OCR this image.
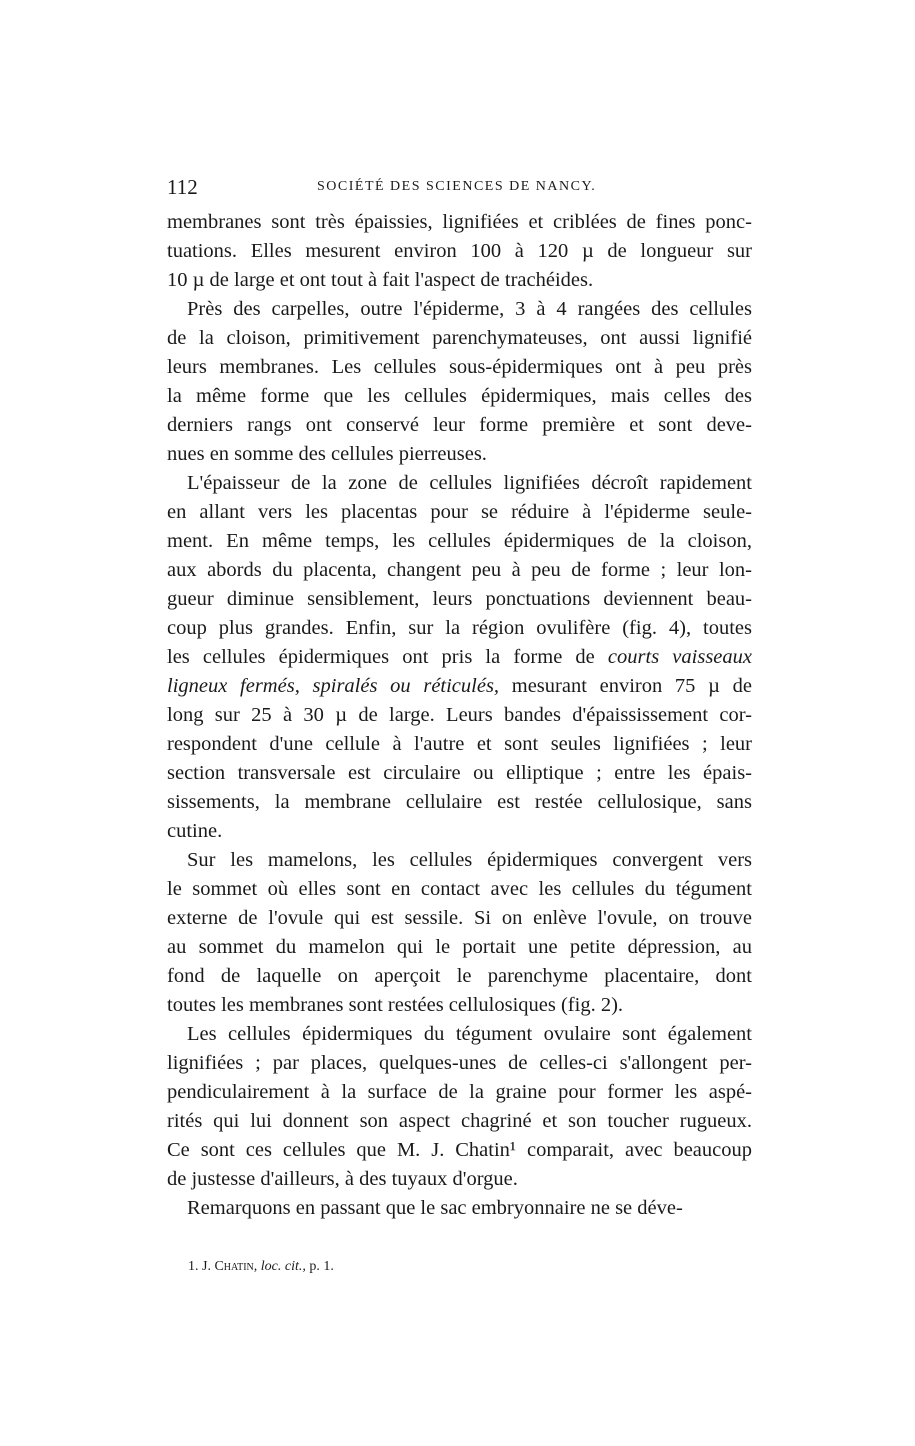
112	SOCIÉTÉ DES SCIENCES DE NANCY.

membranes sont très épaissies, lignifiées et criblées de fines ponc-
tuations. Elles mesurent environ 100 à 120 µ de longueur sur
10 µ de large et ont tout à fait l'aspect de trachéides.

Près des carpelles, outre l'épiderme, 3 à 4 rangées des cellules
de la cloison, primitivement parenchymateuses, ont aussi lignifié
leurs membranes. Les cellules sous-épidermiques ont à peu près
la même forme que les cellules épidermiques, mais celles des
derniers rangs ont conservé leur forme première et sont deve-
nues en somme des cellules pierreuses.

L'épaisseur de la zone de cellules lignifiées décroît rapidement
en allant vers les placentas pour se réduire à l'épiderme seule-
ment. En même temps, les cellules épidermiques de la cloison,
aux abords du placenta, changent peu à peu de forme ; leur lon-
gueur diminue sensiblement, leurs ponctuations deviennent beau-
coup plus grandes. Enfin, sur la région ovulifère (fig. 4), toutes
les cellules épidermiques ont pris la forme de courts vaisseaux
ligneux fermés, spiralés ou réticulés, mesurant environ 75 µ de
long sur 25 à 30 µ de large. Leurs bandes d'épaississement cor-
respondent d'une cellule à l'autre et sont seules lignifiées ; leur
section transversale est circulaire ou elliptique ; entre les épais-
sissements, la membrane cellulaire est restée cellulosique, sans
cutine.

Sur les mamelons, les cellules épidermiques convergent vers
le sommet où elles sont en contact avec les cellules du tégument
externe de l'ovule qui est sessile. Si on enlève l'ovule, on trouve
au sommet du mamelon qui le portait une petite dépression, au
fond de laquelle on aperçoit le parenchyme placentaire, dont
toutes les membranes sont restées cellulosiques (fig. 2).

Les cellules épidermiques du tégument ovulaire sont également
lignifiées ; par places, quelques-unes de celles-ci s'allongent per-
pendiculairement à la surface de la graine pour former les aspé-
rités qui lui donnent son aspect chagriné et son toucher rugueux.
Ce sont ces cellules que M. J. Chatin¹ comparait, avec beaucoup
de justesse d'ailleurs, à des tuyaux d'orgue.

Remarquons en passant que le sac embryonnaire ne se déve-

1. J. Chatin, loc. cit., p. 1.
